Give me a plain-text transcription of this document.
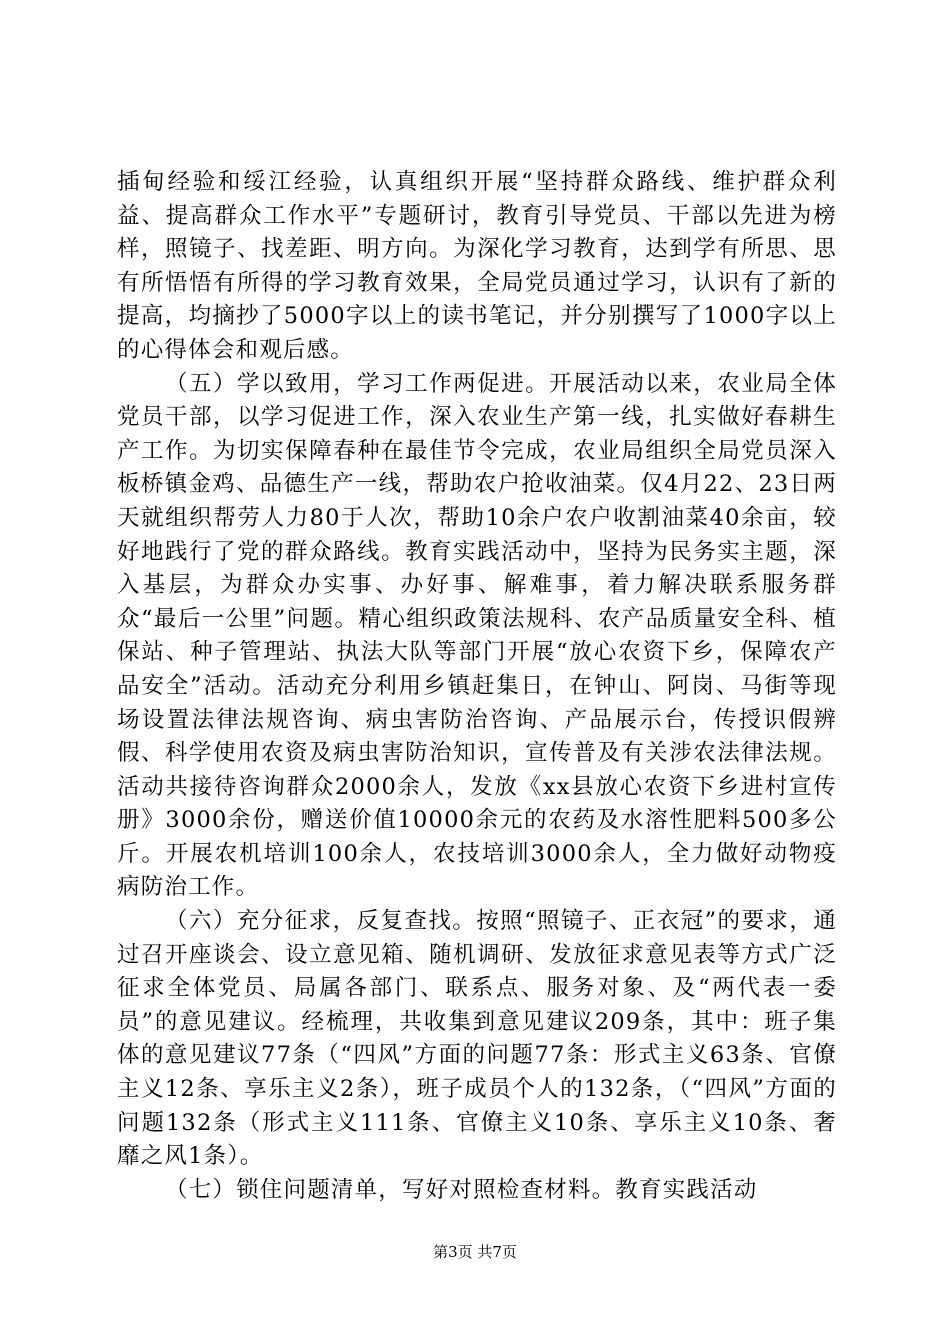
插甸经验和绥江经验，认真组织开展“坚持群众路线、维护群众利益、提高群众工作水平”专题研讨，教育引导党员、干部以先进为榜样，照镜子、找差距、明方向。为深化学习教育，达到学有所思、思有所悟悟有所得的学习教育效果，全局党员通过学习，认识有了新的提高，均摘抄了5000字以上的读书笔记，并分别撰写了1000字以上的心得体会和观后感。

（五）学以致用，学习工作两促进。开展活动以来，农业局全体党员干部，以学习促进工作，深入农业生产第一线，扎实做好春耕生产工作。为切实保障春种在最佳节令完成，农业局组织全局党员深入板桥镇金鸡、品德生产一线，帮助农户抢收油菜。仅4月22、23日两天就组织帮劳人力80于人次，帮助10余户农户收割油菜40余亩，较好地践行了党的群众路线。教育实践活动中，坚持为民务实主题，深入基层，为群众办实事、办好事、解难事，着力解决联系服务群众“最后一公里”问题。精心组织政策法规科、农产品质量安全科、植保站、种子管理站、执法大队等部门开展“放心农资下乡，保障农产品安全”活动。活动充分利用乡镇赶集日，在钟山、阿岗、马街等现场设置法律法规咨询、病虫害防治咨询、产品展示台，传授识假辨假、科学使用农资及病虫害防治知识，宣传普及有关涉农法律法规。活动共接待咨询群众2000余人，发放《xx县放心农资下乡进村宣传册》3000余份，赠送价值10000余元的农药及水溶性肥料500多公斤。开展农机培训100余人，农技培训3000余人，全力做好动物疫病防治工作。

（六）充分征求，反复查找。按照“照镜子、正衣冠”的要求，通过召开座谈会、设立意见箱、随机调研、发放征求意见表等方式广泛征求全体党员、局属各部门、联系点、服务对象、及“两代表一委员”的意见建议。经梳理，共收集到意见建议209条，其中：班子集体的意见建议77条（“四风”方面的问题77条：形式主义63条、官僚主义12条、享乐主义2条），班子成员个人的132条，（“四风”方面的问题132条（形式主义111条、官僚主义10条、享乐主义10条、奢靡之风1条）。

（七）锁住问题清单，写好对照检查材料。教育实践活动

第3页 共7页
